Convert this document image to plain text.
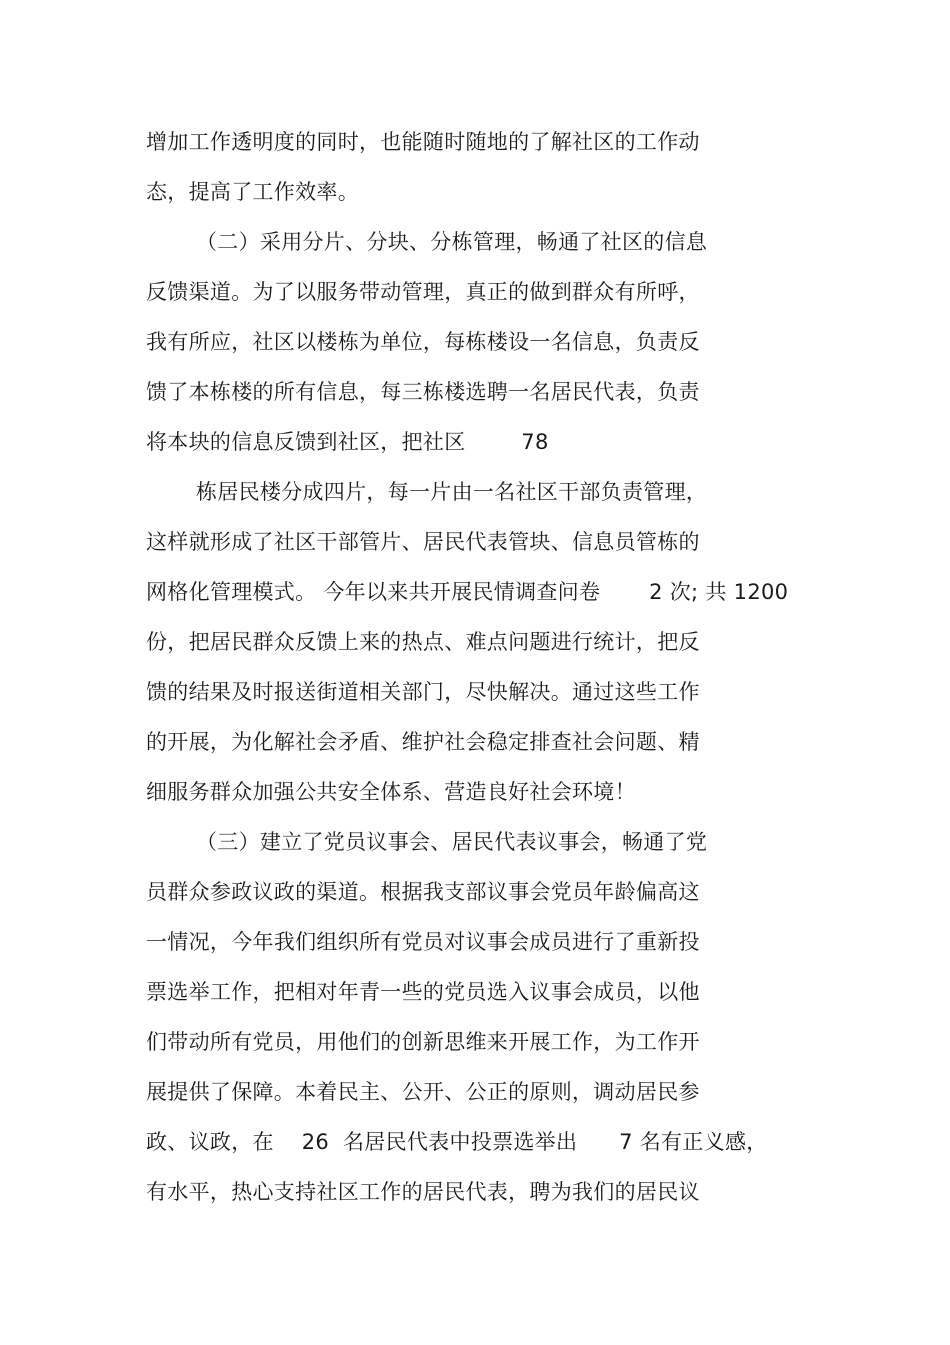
增加工作透明度的同时，也能随时随地的了解社区的工作动
态，提高了工作效率。
（二）采用分片、分块、分栋管理，畅通了社区的信息
反馈渠道。为了以服务带动管理，真正的做到群众有所呼，
我有所应，社区以楼栋为单位，每栋楼设一名信息，负责反
馈了本栋楼的所有信息，每三栋楼选聘一名居民代表，负责
将本块的信息反馈到社区，把社区        78
栋居民楼分成四片，每一片由一名社区干部负责管理，
这样就形成了社区干部管片、居民代表管块、信息员管栋的
网格化管理模式。 今年以来共开展民情调查问卷       2 次; 共 1200
份，把居民群众反馈上来的热点、难点问题进行统计，把反
馈的结果及时报送街道相关部门，尽快解决。通过这些工作
的开展，为化解社会矛盾、维护社会稳定排查社会问题、精
细服务群众加强公共安全体系、营造良好社会环境！
（三）建立了党员议事会、居民代表议事会，畅通了党
员群众参政议政的渠道。根据我支部议事会党员年龄偏高这
一情况，今年我们组织所有党员对议事会成员进行了重新投
票选举工作，把相对年青一些的党员选入议事会成员，以他
们带动所有党员，用他们的创新思维来开展工作，为工作开
展提供了保障。本着民主、公开、公正的原则，调动居民参
政、议政，在    26  名居民代表中投票选举出      7 名有正义感，
有水平，热心支持社区工作的居民代表，聘为我们的居民议
